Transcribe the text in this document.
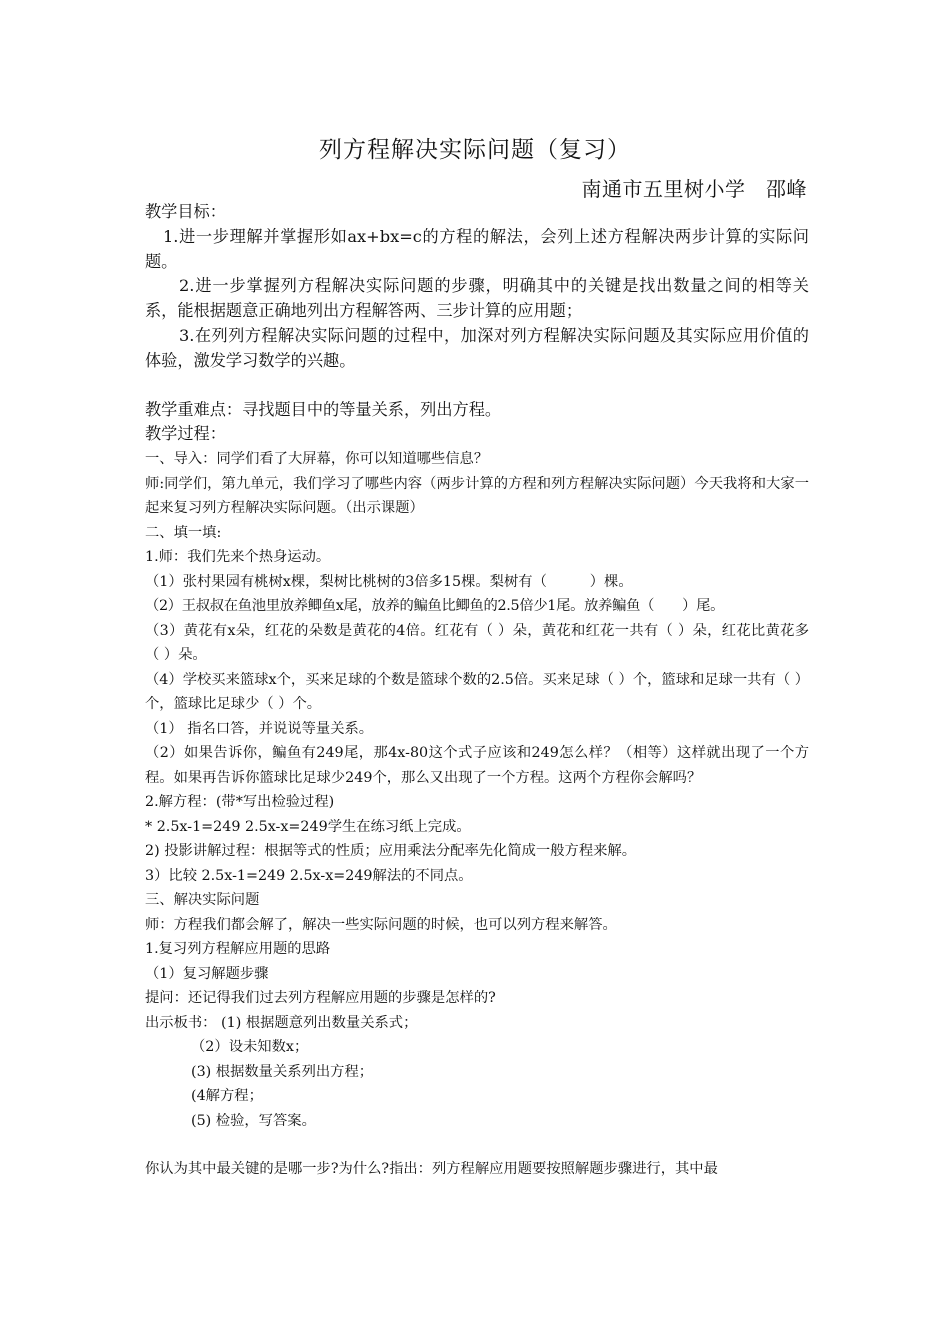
列方程解决实际问题（复习）
南通市五里树小学　邵峰

教学目标：

1.进一步理解并掌握形如ax+bx=c的方程的解法，会列上述方程解决两步计算的实际问题。

2.进一步掌握列方程解决实际问题的步骤，明确其中的关键是找出数量之间的相等关系，能根据题意正确地列出方程解答两、三步计算的应用题；

3.在列列方程解决实际问题的过程中，加深对列方程解决实际问题及其实际应用价值的体验，激发学习数学的兴趣。

教学重难点：寻找题目中的等量关系，列出方程。

教学过程：

一、导入：同学们看了大屏幕，你可以知道哪些信息？

师:同学们，第九单元，我们学习了哪些内容（两步计算的方程和列方程解决实际问题）今天我将和大家一起来复习列方程解决实际问题。（出示课题）

二、填一填:

1.师：我们先来个热身运动。

（1）张村果园有桃树x棵，梨树比桃树的3倍多15棵。梨树有（　　　）棵。

（2）王叔叔在鱼池里放养鲫鱼x尾，放养的鳊鱼比鲫鱼的2.5倍少1尾。放养鳊鱼（　　）尾。

（3）黄花有x朵，红花的朵数是黄花的4倍。红花有（ ）朵，黄花和红花一共有（ ）朵，红花比黄花多（ ）朵。

（4）学校买来篮球x个，买来足球的个数是篮球个数的2.5倍。买来足球（ ）个，篮球和足球一共有（ ）个，篮球比足球少（ ）个。

（1） 指名口答，并说说等量关系。

（2）如果告诉你，鳊鱼有249尾，那4x-80这个式子应该和249怎么样？（相等）这样就出现了一个方程。如果再告诉你篮球比足球少249个，那么又出现了一个方程。这两个方程你会解吗？

2.解方程：(带*写出检验过程)

* 2.5x-1=249 2.5x-x=249学生在练习纸上完成。

2) 投影讲解过程：根据等式的性质；应用乘法分配率先化简成一般方程来解。

3）比较 2.5x-1=249 2.5x-x=249解法的不同点。

三、解决实际问题

师：方程我们都会解了，解决一些实际问题的时候，也可以列方程来解答。

1.复习列方程解应用题的思路

（1）复习解题步骤

提问：还记得我们过去列方程解应用题的步骤是怎样的?

出示板书： (1) 根据题意列出数量关系式；

（2）设未知数x；

(3) 根据数量关系列出方程；

(4解方程；

(5) 检验，写答案。

你认为其中最关键的是哪一步?为什么?指出：列方程解应用题要按照解题步骤进行，其中最
